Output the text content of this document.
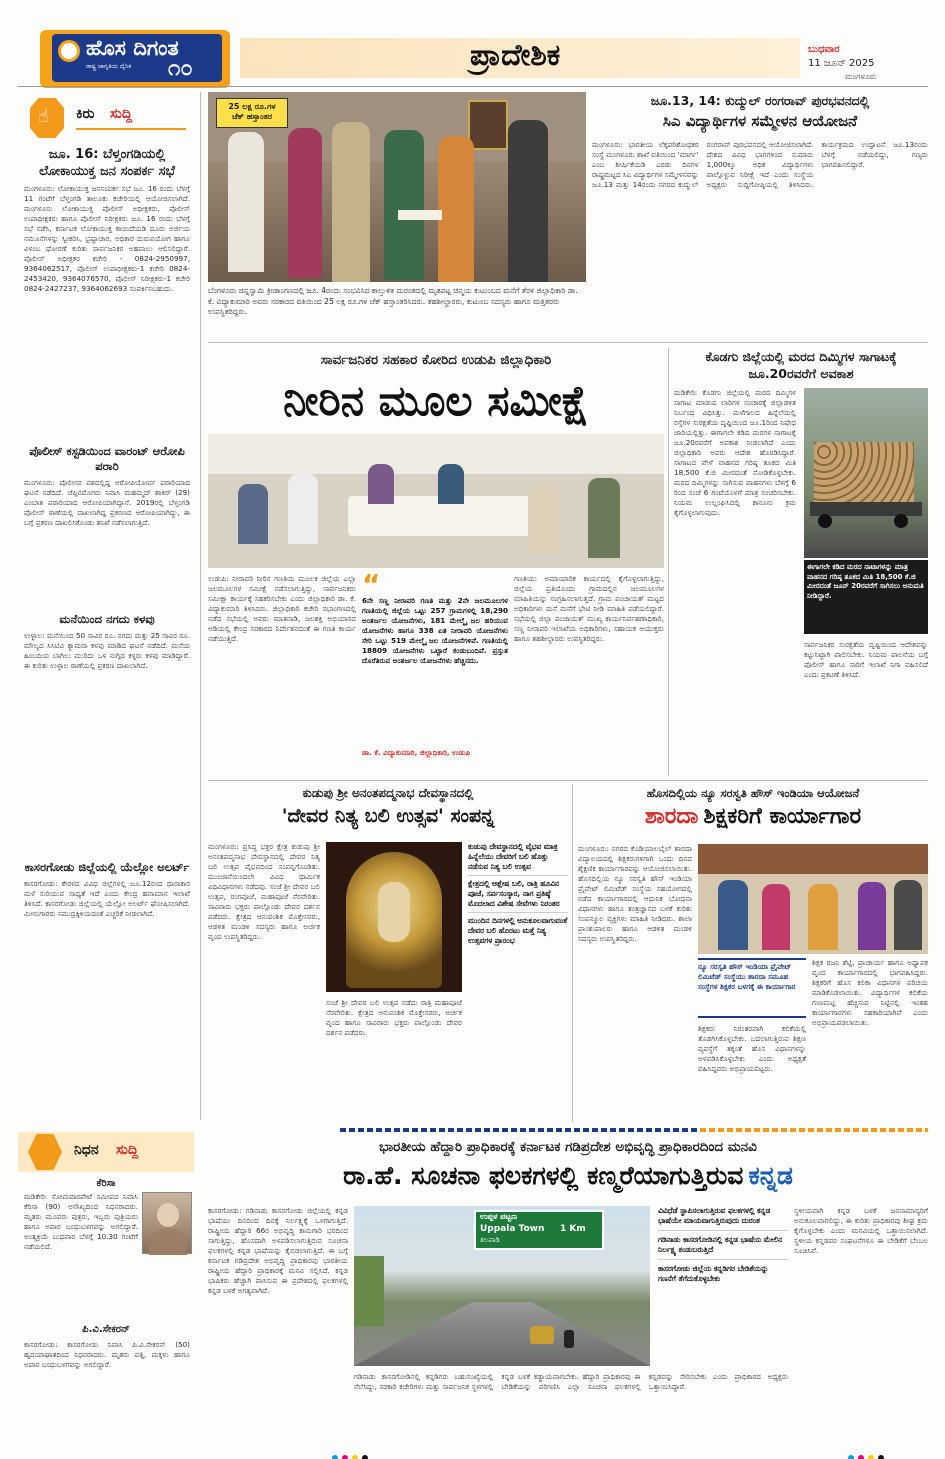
ಹೊಸ ದಿಗಂತ
ರಾಷ್ಟ್ರ ಜಾಗೃತಿಯ ದೈನಿಕ ೧೦	ಪ್ರಾದೇಶಿಕ	ಬುಧವಾರ
11 ಜೂನ್ 2025
ಮಂಗಳೂರು
☝ ಕಿರು ಸುದ್ದಿ
ಜೂ. 16: ಬೆಳ್ತಂಗಡಿಯಲ್ಲಿ ಲೋಕಾಯುಕ್ತ ಜನ ಸಂಪರ್ಕ ಸಭೆ
ಮಂಗಳೂರು: ಲೋಕಾಯುಕ್ತ ಜನಸಂಪರ್ಕ ಸಭೆ ಜೂ. 16 ರಂದು ಬೆಳಗ್ಗೆ 11 ಗಂಟೆಗೆ ಬೆಳ್ತಂಗಡಿ ತಾಲೂಕು ಕಚೇರಿಯಲ್ಲಿ ಆಯೋಜಿಸಲಾಗಿದೆ. ಮಂಗಳೂರು ಲೋಕಾಯುಕ್ತ ಪೊಲೀಸ್ ಅಧೀಕ್ಷಕರು, ಪೊಲೀಸ್ ಉಪಾಧೀಕ್ಷಕರು ಹಾಗೂ ಪೊಲೀಸ್ ನಿರೀಕ್ಷಕರು ಜೂ. 16 ರಂದು ಬೆಳಗ್ಗೆ ಸಭೆ ನಡೆಸಿ, ಕರ್ನಾಟಕ ಲೋಕಾಯುಕ್ತ ಕಾಯಿದೆಯಡಿ ದೂರು ಅರ್ಜಿಯ ನಮೂನೆಗಳನ್ನು ಸ್ವೀಕರಿಸಿ, ಭ್ರಷ್ಟಾಚಾರ, ಅಧಿಕಾರ ದುರುಪಯೋಗ ಹಾಗೂ ವಿಳಂಬ ಧೋರಣೆ ಕುರಿತು ಸಾರ್ವಜನಿಕರ ಅಹವಾಲು ಆಲಿಸಲಿದ್ದಾರೆ. ಪೊಲೀಸ್ ಅಧೀಕ್ಷಕರ ಕಚೇರಿ - 0824-2950997, 9364062517, ಪೊಲೀಸ್ ಉಪಾಧೀಕ್ಷಕರು-1 ಕಚೇರಿ 0824-2453420, 9364076570, ಪೊಲೀಸ್ ನಿರೀಕ್ಷಕರು-1 ಕಚೇರಿ 0824-2427237, 9364062693 ಸಂಪರ್ಕಿಸಬಹುದು.
ಪೊಲೀಸ್ ಕಸ್ಟಡಿಯಿಂದ ವಾರಂಟ್ ಆರೋಪಿ ಪರಾರಿ
ಮಂಗಳೂರು: ಪೊಲೀಸರ ವಶದಲ್ಲಿದ್ದ ಆರೋಪಿಯೋರ್ವ ಪರಾರಿಯಾದ ಘಟನೆ ನಡೆದಿದೆ. ಜೆಪ್ಪಿನಮೊಗರು ನಿವಾಸಿ ಮಹಮ್ಮದ್ ಶಾಕಿರ್ (29) ಎಂಬಾತ ಪರಾರಿಯಾದ ಆರೋಪಿಯಾಗಿದ್ದಾನೆ. 2019ರಲ್ಲಿ ಬೆಳ್ತಂಗಡಿ ಪೊಲೀಸ್ ಠಾಣೆಯಲ್ಲಿ ದಾಖಲಾಗಿದ್ದ ಪ್ರಕರಣದ ಆರೋಪಿಯಾಗಿದ್ದು, ಈ ಬಗ್ಗೆ ಪ್ರಕರಣ ದಾಖಲಿಸಿಕೊಂಡು ತನಿಖೆ ನಡೆಸಲಾಗುತ್ತಿದೆ.
ಮನೆಯಿಂದ ನಗದು ಕಳವು
ಉಳ್ಳಾಲ: ಮನೆಯಿಂದ 50 ಸಾವಿರ ರೂ. ನಗದು ಮತ್ತು 25 ಸಾವಿರ ರೂ. ಮೌಲ್ಯದ ಸಿಸಿಟಿವಿ ಕ್ಯಾಮರಾ ಕಳವು ಮಾಡಿದ ಘಟನೆ ನಡೆದಿದೆ. ಮನೆಯ ಹಿಂಬದಿಯ ಬಾಗಿಲು ಮುರಿದು ಒಳ ನುಗ್ಗಿದ ಕಳ್ಳರು ಕಳವು ಮಾಡಿದ್ದಾರೆ. ಈ ಕುರಿತು ಉಳ್ಳಾಲ ಠಾಣೆಯಲ್ಲಿ ಪ್ರಕರಣ ದಾಖಲಾಗಿದೆ.
ಕಾಸರಗೋಡು ಜಿಲ್ಲೆಯಲ್ಲಿ ಯೆಲ್ಲೋ ಅಲರ್ಟ್
ಕಾಸರಗೋಡು: ಕೇರಳದ ವಿವಿಧ ಜಿಲ್ಲೆಗಳಲ್ಲಿ ಜೂ.12ರಂದ ಧಾರಾಕಾರ ಮಳೆ ಸುರಿಯುವ ಸಾಧ್ಯತೆ ಇದೆ ಎಂದು ಕೇಂದ್ರ ಹವಾಮಾನ ಇಲಾಖೆ ತಿಳಿಸಿದೆ. ಕಾಸರಗೋಡು ಜಿಲ್ಲೆಯಲ್ಲಿ ಯೆಲ್ಲೋ ಅಲರ್ಟ್ ಘೋಷಿಸಲಾಗಿದೆ. ಮೀನುಗಾರರು ಸಮುದ್ರಕ್ಕಿಳಿಯದಂತೆ ಎಚ್ಚರಿಕೆ ನೀಡಲಾಗಿದೆ.
ನಿಧನ ಸುದ್ದಿ
ಕೆರಿಸಾ
ಮಡಿಕೇರಿ: ಸೋಮವಾರಪೇಟೆ ಸಮೀಪದ ನಿವಾಸಿ ಕೆರಿಸಾ (90) ಅಸೌಖ್ಯದಿಂದ ನಿಧನರಾದರು. ಮೃತರು ಮೂವರು ಪುತ್ರರು, ಇಬ್ಬರು ಪುತ್ರಿಯರು ಹಾಗೂ ಅಪಾರ ಬಂಧುಬಳಗವನ್ನು ಅಗಲಿದ್ದಾರೆ. ಅಂತ್ಯಕ್ರಿಯೆ ಬುಧವಾರ ಬೆಳಗ್ಗೆ 10.30 ಗಂಟೆಗೆ ನಡೆಯಲಿದೆ.
ಪಿ.ವಿ.ಸೇಕರನ್
ಕಾಸರಗೋಡು: ಕಾಸರಗೋಡು ನಿವಾಸಿ ಪಿ.ವಿ.ಸೇಕರನ್ (50) ಹೃದಯಾಘಾತದಿಂದ ನಿಧನರಾದರು. ಮೃತರು ಪತ್ನಿ, ಮಕ್ಕಳು ಹಾಗೂ ಅಪಾರ ಬಂಧುಬಳಗವನ್ನು ಅಗಲಿದ್ದಾರೆ.
25 ಲಕ್ಷ ರೂ.ಗಳ
ಚೆಕ್ ಹಸ್ತಾಂತರ
ಬೆಂಗಳೂರು ಚಿನ್ನಸ್ವಾಮಿ ಕ್ರೀಡಾಂಗಣದಲ್ಲಿ ಜೂ. 4ರಂದು ಸಂಭವಿಸಿದ ಕಾಲ್ತುಳಿತ ದುರಂತದಲ್ಲಿ ಮೃತಪಟ್ಟ ಚಿನ್ಮಯ ಕುಟುಂಬದ ಮನೆಗೆ ತೆರಳಿ ಜಿಲ್ಲಾಧಿಕಾರಿ ಡಾ. ಕೆ. ವಿದ್ಯಾಕುಮಾರಿ ಅವರು ಸರಕಾರದ ವತಿಯಿಂದ 25 ಲಕ್ಷ ರೂ.ಗಳ ಚೆಕ್ ಹಸ್ತಾಂತರಿಸಿದರು. ತಹಶೀಲ್ದಾರರು, ಕುಟುಂಬ ಸದಸ್ಯರು ಹಾಗೂ ಮತ್ತಿತರರು ಉಪಸ್ಥಿತರಿದ್ದರು.
ಜೂ.13, 14: ಕುದ್ಮುಲ್ ರಂಗರಾವ್ ಪುರಭವನದಲ್ಲಿ
ಸಿಎ ವಿದ್ಯಾರ್ಥಿಗಳ ಸಮ್ಮೇಳನ ಆಯೋಜನೆ
ಮಂಗಳೂರು: ಭಾರತೀಯ ಲೆಕ್ಕಪರಿಶೋಧಕರ ಸಂಸ್ಥೆ ಮಂಗಳೂರು ಶಾಖೆ ವತಿಯಿಂದ 'ಮಾರ್ಗ' ಎಂಬ ಶೀರ್ಷಿಕೆಯಡಿ ಎರಡು ದಿನಗಳ ರಾಷ್ಟ್ರಮಟ್ಟದ ಸಿಎ ವಿದ್ಯಾರ್ಥಿಗಳ ಸಮ್ಮೇಳನವನ್ನು ಜೂ.13 ಮತ್ತು 14ರಂದು ನಗರದ ಕುದ್ಮುಲ್ ರಂಗರಾವ್ ಪುರಭವನದಲ್ಲಿ ಆಯೋಜಿಸಲಾಗಿದೆ. ದೇಶದ ವಿವಿಧ ಭಾಗಗಳಿಂದ ಸುಮಾರು 1,000ಕ್ಕೂ ಅಧಿಕ ವಿದ್ಯಾರ್ಥಿಗಳು ಪಾಲ್ಗೊಳ್ಳುವ ನಿರೀಕ್ಷೆ ಇದೆ ಎಂದು ಸಂಸ್ಥೆಯ ಅಧ್ಯಕ್ಷರು ಸುದ್ದಿಗೋಷ್ಠಿಯಲ್ಲಿ ತಿಳಿಸಿದರು. ಕಾರ್ಯಕ್ರಮದ ಉದ್ಘಾಟನೆ ಜೂ.13ರಂದು ಬೆಳಗ್ಗೆ ನಡೆಯಲಿದ್ದು, ಗಣ್ಯರು ಭಾಗವಹಿಸಲಿದ್ದಾರೆ.
ಸಾರ್ವಜನಿಕರ ಸಹಕಾರ ಕೋರಿದ ಉಡುಪಿ ಜಿಲ್ಲಾಧಿಕಾರಿ
ನೀರಿನ ಮೂಲ ಸಮೀಕ್ಷೆ
ಉಡುಪಿ: ನೀರಾವರಿ ನೀರಿನ ಗಣತಿಯ ಮೂಲಕ ಜಿಲ್ಲೆಯ ಎಲ್ಲಾ ಜಲಮೂಲಗಳ ಸಮೀಕ್ಷೆ ನಡೆಸಲಾಗುತ್ತಿದ್ದು, ಸಾರ್ವಜನಿಕರು ಸಮೀಕ್ಷಾ ಕಾರ್ಯಕ್ಕೆ ಸಹಕರಿಸಬೇಕು ಎಂದು ಜಿಲ್ಲಾಧಿಕಾರಿ ಡಾ. ಕೆ. ವಿದ್ಯಾಕುಮಾರಿ ತಿಳಿಸಿದರು. ಜಿಲ್ಲಾಧಿಕಾರಿ ಕಚೇರಿ ಸಭಾಂಗಣದಲ್ಲಿ ನಡೆದ ಸಭೆಯಲ್ಲಿ ಅವರು ಮಾತನಾಡಿ, ಜಲಶಕ್ತಿ ಅಭಿಯಾನದ ಅಡಿಯಲ್ಲಿ ಕೇಂದ್ರ ಸರಕಾರದ ನಿರ್ದೇಶನದಂತೆ ಈ ಗಣತಿ ಕಾರ್ಯ ನಡೆಯುತ್ತಿದೆ.
“
6ನೇ ಸಣ್ಣ ನೀರಾವರಿ ಗಣತಿ ಮತ್ತು 2ನೇ ಜಲಮೂಲಗಳ ಗಣತಿಯಲ್ಲಿ ಜಿಲ್ಲೆಯ ಒಟ್ಟು 257 ಗ್ರಾಮಗಳಲ್ಲಿ 18,290 ಅಂತರ್ಜಲ ಯೋಜನೆಗಳು, 181 ಮೇಲ್ಮೈ ಜಲ ಹರಿಯುವ ಯೋಜನೆಗಳು ಹಾಗೂ 338 ಏತ ನೀರಾವರಿ ಯೋಜನೆಗಳು ಸೇರಿ ಒಟ್ಟು 519 ಮೇಲ್ಮೈ ಜಲ ಯೋಜನೆಗಳಿವೆ. ಗಣತಿಯಲ್ಲಿ 18809 ಯೋಜನೆಗಳು ಒಟ್ಟಾರೆ ಕಂಡುಬಂದಿವೆ. ಪ್ರಸ್ತುತ ದೊರೆತಿರುವ ಅಂತರ್ಜಲ ಯೋಜನೆಗಳು ಹೆಚ್ಚಿನದು.
ಡಾ. ಕೆ. ವಿದ್ಯಾಕುಮಾರಿ, ಜಿಲ್ಲಾಧಿಕಾರಿ, ಉಡುಪಿ
ಗಣತಿಯು ಅಮಾಯಾರಿಕ ಕಾರ್ಯದಲ್ಲಿ ಕೈಗೊಳ್ಳಲಾಗುತ್ತಿದ್ದು, ಜಿಲ್ಲೆಯ ಪ್ರತಿಯೊಂದು ಗ್ರಾಮದಲ್ಲಿನ ಜಲಮೂಲಗಳ ಮಾಹಿತಿಯನ್ನು ಸಂಗ್ರಹಿಸಲಾಗುತ್ತದೆ. ಗ್ರಾಮ ಪಂಚಾಯತ್ ಮಟ್ಟದ ಅಧಿಕಾರಿಗಳು ಮನೆ ಮನೆಗೆ ಭೇಟಿ ನೀಡಿ ಮಾಹಿತಿ ಪಡೆಯಲಿದ್ದಾರೆ. ಸಭೆಯಲ್ಲಿ ಜಿಲ್ಲಾ ಪಂಚಾಯತ್ ಮುಖ್ಯ ಕಾರ್ಯನಿರ್ವಹಣಾಧಿಕಾರಿ, ಸಣ್ಣ ನೀರಾವರಿ ಇಲಾಖೆಯ ಅಧಿಕಾರಿಗಳು, ಸಹಾಯಕ ಆಯುಕ್ತರು ಹಾಗೂ ತಹಶೀಲ್ದಾರರು ಉಪಸ್ಥಿತರಿದ್ದರು.
ಕೊಡಗು ಜಿಲ್ಲೆಯಲ್ಲಿ ಮರದ ದಿಮ್ಮಿಗಳ ಸಾಗಾಟಕ್ಕೆ ಜೂ.20ರವರೆಗೆ ಅವಕಾಶ
ಮಡಿಕೇರಿ: ಕೊಡಗು ಜಿಲ್ಲೆಯಲ್ಲಿ ಮರದ ದಿಮ್ಮಿಗಳ ಸಾಗಾಟ ಮಾಡುವ ಲಾರಿಗಳ ಸಂಚಾರಕ್ಕೆ ಜಿಲ್ಲಾಡಳಿತ ನಿರ್ಬಂಧ ವಿಧಿಸಿತ್ತು. ಮಳೆಗಾಲದ ಹಿನ್ನೆಲೆಯಲ್ಲಿ ರಸ್ತೆಗಳ ಸುರಕ್ಷತೆಯ ದೃಷ್ಟಿಯಿಂದ ಜೂ.1ರಿಂದ ನಿಷೇಧ ಜಾರಿಯಲ್ಲಿತ್ತು. ಈಗಾಗಲೇ ಕಡಿದ ಮರಗಳ ಸಾಗಾಟಕ್ಕೆ ಜೂ.20ರವರೆಗೆ ಅವಕಾಶ ನೀಡಲಾಗಿದೆ ಎಂದು ಜಿಲ್ಲಾಧಿಕಾರಿ ಅವರು ಆದೇಶ ಹೊರಡಿಸಿದ್ದಾರೆ. ಸಾಗಾಟದ ವೇಳೆ ವಾಹನದ ಗರಿಷ್ಠ ತೂಕದ ಮಿತಿ 18,500 ಕೆ.ಜಿ ಮೀರದಂತೆ ನೋಡಿಕೊಳ್ಳಬೇಕು. ಮರದ ದಿಮ್ಮಿಗಳನ್ನು ಸಾಗಿಸುವ ವಾಹನಗಳು ಬೆಳಗ್ಗೆ 6 ರಿಂದ ಸಂಜೆ 6 ಗಂಟೆಯೊಳಗೆ ಮಾತ್ರ ಸಂಚರಿಸಬೇಕು. ನಿಯಮ ಉಲ್ಲಂಘಿಸಿದಲ್ಲಿ ಕಾನೂನು ಕ್ರಮ ಕೈಗೊಳ್ಳಲಾಗುವುದು.
ಈಗಾಗಲೇ ಕಡಿದ ಮರದ ನಾಟಾಗಳನ್ನು ಮಾತ್ರ ವಾಹನದ ಗರಿಷ್ಠ ತೂಕದ ಮಿತಿ 18,500 ಕೆ.ಜಿ ಮೀರದಂತೆ ಜೂನ್ 20ರವರೆಗೆ ಸಾಗಿಸಲು ಅನುಮತಿ ನೀಡಿದ್ದಾರೆ.
ಸಾರ್ವಜನಿಕರ ಸುರಕ್ಷತೆಯ ದೃಷ್ಟಿಯಿಂದ ಆದೇಶವನ್ನು ಕಟ್ಟುನಿಟ್ಟಾಗಿ ಪಾಲಿಸಬೇಕು. ನಿಯಮ ಪಾಲನೆಯ ಬಗ್ಗೆ ಪೊಲೀಸ್ ಹಾಗೂ ಸಾರಿಗೆ ಇಲಾಖೆ ನಿಗಾ ವಹಿಸಲಿದೆ ಎಂದು ಪ್ರಕಟಣೆ ತಿಳಿಸಿದೆ.
ಕುಡುಪು ಶ್ರೀ ಅನಂತಪದ್ಮನಾಭ ದೇವಸ್ಥಾನದಲ್ಲಿ
'ದೇವರ ನಿತ್ಯ ಬಲಿ ಉತ್ಸವ' ಸಂಪನ್ನ
ಮಂಗಳೂರು: ಪ್ರಸಿದ್ಧ ಭಕ್ತರ ಕ್ಷೇತ್ರ ಕುಡುಪು ಶ್ರೀ ಅನಂತಪದ್ಮನಾಭ ದೇವಸ್ಥಾನದಲ್ಲಿ ದೇವರ ನಿತ್ಯ ಬಲಿ ಉತ್ಸವ ವೈಭವದಿಂದ ಸಂಪನ್ನಗೊಂಡಿತು. ಮುಂಜಾನೆಯಿಂದಲೇ ವಿವಿಧ ಧಾರ್ಮಿಕ ವಿಧಿವಿಧಾನಗಳು ನಡೆದವು. ಸಂಜೆ ಶ್ರೀ ದೇವರ ಬಲಿ ಉತ್ಸವ, ರಂಗಪೂಜೆ, ಮಹಾಪೂಜೆ ನೆರವೇರಿತು. ಸಾವಿರಾರು ಭಕ್ತರು ಪಾಲ್ಗೊಂಡು ದೇವರ ದರ್ಶನ ಪಡೆದರು. ಕ್ಷೇತ್ರದ ಆನುವಂಶಿಕ ಮೊಕ್ತೇಸರರು, ಆಡಳಿತ ಮಂಡಳಿ ಸದಸ್ಯರು ಹಾಗೂ ಅರ್ಚಕ ವೃಂದ ಉಪಸ್ಥಿತರಿದ್ದರು.
ಸಂಜೆ ಶ್ರೀ ದೇವರ ಬಲಿ ಉತ್ಸವ ನಡೆದು ರಾತ್ರಿ ಮಹಾಪೂಜೆ ನೆರವೇರಿತು. ಕ್ಷೇತ್ರದ ಆನುವಂಶಿಕ ಮೊಕ್ತೇಸರರು, ಅರ್ಚಕ ವೃಂದ ಹಾಗೂ ಸಾವಿರಾರು ಭಕ್ತರು ಪಾಲ್ಗೊಂಡು ದೇವರ ದರ್ಶನ ಪಡೆದರು.
ಕುಡುಪು ದೇವಸ್ಥಾನದಲ್ಲಿ ವೈಭವ ಮಾತ್ರ ಹಿನ್ನೆಲೆಯು ದೇವರಿಗೆ ಬಲಿ ಹೊತ್ತು ನಡೆಸುವ ನಿತ್ಯ ಬಲಿ ಉತ್ಸವ
ಕ್ಷೇತ್ರದಲ್ಲಿ ಆಶ್ಲೇಷ ಬಲಿ, ರಾತ್ರಿ ಹೂವಿನ ಪೂಜೆ, ಸರ್ಪಸಂಸ್ಕಾರ, ನಾಗ ಪ್ರತಿಷ್ಠೆ ಮೊದಲಾದ ವಿಶೇಷ ಸೇವೆಗಳು ನಿರಂತರ
ಮುಂದಿನ ದಿನಗಳಲ್ಲಿ ಅನುಕೂಲವಾಗುವಂತೆ ದೇವರ ಬಲಿ ಹೊರಟು ಮತ್ತೆ ನಿತ್ಯ ಉತ್ಸವಗಳ ಪ್ರಾರಂಭ
ಹೊಸದಿಲ್ಲಿಯ ನ್ಯೂ ಸರಸ್ವತಿ ಹೌಸ್ ಇಂಡಿಯಾ ಆಯೋಜನೆ
ಶಾರದಾ ಶಿಕ್ಷಕರಿಗೆ ಕಾರ್ಯಾಗಾರ
ಮಂಗಳೂರು: ನಗರದ ಕೊಡಿಯಾಲಬೈಲ್ ಶಾರದಾ ವಿದ್ಯಾಲಯದಲ್ಲಿ ಶಿಕ್ಷಕರುಗಳಿಗಾಗಿ ಒಂದು ದಿನದ ಶೈಕ್ಷಣಿಕ ಕಾರ್ಯಾಗಾರವನ್ನು ಆಯೋಜಿಸಲಾಯಿತು. ಹೊಸದಿಲ್ಲಿಯ ನ್ಯೂ ಸರಸ್ವತಿ ಹೌಸ್ ಇಂಡಿಯಾ ಪ್ರೈವೇಟ್ ಲಿಮಿಟೆಡ್ ಸಂಸ್ಥೆಯ ಸಹಯೋಗದಲ್ಲಿ ನಡೆದ ಕಾರ್ಯಾಗಾರದಲ್ಲಿ ಆಧುನಿಕ ಬೋಧನಾ ವಿಧಾನಗಳು ಹಾಗೂ ತಂತ್ರಜ್ಞಾನದ ಬಳಕೆ ಕುರಿತು ಸಂಪನ್ಮೂಲ ವ್ಯಕ್ತಿಗಳು ಮಾಹಿತಿ ನೀಡಿದರು. ಶಾಲಾ ಪ್ರಾಂಶುಪಾಲರು ಹಾಗೂ ಆಡಳಿತ ಮಂಡಳಿ ಸದಸ್ಯರು ಉಪಸ್ಥಿತರಿದ್ದರು.
ನ್ಯೂ ಸರಸ್ವತಿ ಹೌಸ್ ಇಂಡಿಯಾ ಪ್ರೈವೇಟ್ ಲಿಮಿಟೆಡ್ ಸಂಸ್ಥೆಯು ಶಾರದಾ ಸಮೂಹ ಸಂಸ್ಥೆಗಳ ಶಿಕ್ಷಕರ ಬಳಗಕ್ಕೆ ಈ ಕಾರ್ಯಾಗಾರ
ಶಿಕ್ಷಕರು ನಿರಂತರವಾಗಿ ಕಲಿಕೆಯಲ್ಲಿ ತೊಡಗಿಸಿಕೊಳ್ಳಬೇಕು. ಬದಲಾಗುತ್ತಿರುವ ಶಿಕ್ಷಣ ವ್ಯವಸ್ಥೆಗೆ ತಕ್ಕಂತೆ ಹೊಸ ವಿಧಾನಗಳನ್ನು ಅಳವಡಿಸಿಕೊಳ್ಳಬೇಕು ಎಂದು ಅಧ್ಯಕ್ಷತೆ ವಹಿಸಿದ್ದವರು ಅಭಿಪ್ರಾಯಪಟ್ಟರು.
ಶಿಕ್ಷಕ ರಜನಿ ಶೆಟ್ಟಿ, ಪ್ರಾಚಾರ್ಯ ಹಾಗೂ ಅಧ್ಯಾಪಕ ವೃಂದ ಕಾರ್ಯಾಗಾರದಲ್ಲಿ ಭಾಗವಹಿಸಿದ್ದರು. ಶಿಕ್ಷಕರಿಗೆ ಹೊಸ ಕಲಿಕಾ ವಿಧಾನಗಳ ಪರಿಚಯ ಮಾಡಿಕೊಡಲಾಯಿತು. ವಿದ್ಯಾರ್ಥಿಗಳ ಕಲಿಕೆಯ ಗುಣಮಟ್ಟ ಹೆಚ್ಚಿಸುವ ನಿಟ್ಟಿನಲ್ಲಿ ಇಂತಹ ಕಾರ್ಯಾಗಾರಗಳು ಸಹಕಾರಿಯಾಗಿವೆ ಎಂದು ಅಭಿಪ್ರಾಯಪಡಲಾಯಿತು.
ಭಾರತೀಯ ಹೆದ್ದಾರಿ ಪ್ರಾಧಿಕಾರಕ್ಕೆ ಕರ್ನಾಟಕ ಗಡಿಪ್ರದೇಶ ಅಭಿವೃದ್ಧಿ ಪ್ರಾಧಿಕಾರದಿಂದ ಮನವಿ
ರಾ.ಹೆ. ಸೂಚನಾ ಫಲಕಗಳಲ್ಲಿ ಕಣ್ಮರೆಯಾಗುತ್ತಿರುವ ಕನ್ನಡ
ಕಾಸರಗೋಡು: ಗಡಿನಾಡು ಕಾಸರಗೋಡು ಜಿಲ್ಲೆಯಲ್ಲಿ ಕನ್ನಡ ಭಾಷೆಯು ದಿನದಿಂದ ದಿನಕ್ಕೆ ನಿರ್ಲಕ್ಷ್ಯಕ್ಕೆ ಒಳಗಾಗುತ್ತಿದೆ. ರಾಷ್ಟ್ರೀಯ ಹೆದ್ದಾರಿ 66ರ ಅಭಿವೃದ್ಧಿ ಕಾಮಗಾರಿ ಭರದಿಂದ ಸಾಗುತ್ತಿದ್ದು, ಹೊಸದಾಗಿ ಅಳವಡಿಸಲಾಗುತ್ತಿರುವ ಸೂಚನಾ ಫಲಕಗಳಲ್ಲಿ ಕನ್ನಡ ಭಾಷೆಯನ್ನು ಕೈಬಿಡಲಾಗುತ್ತಿದೆ. ಈ ಬಗ್ಗೆ ಕರ್ನಾಟಕ ಗಡಿಪ್ರದೇಶ ಅಭಿವೃದ್ಧಿ ಪ್ರಾಧಿಕಾರವು ಭಾರತೀಯ ರಾಷ್ಟ್ರೀಯ ಹೆದ್ದಾರಿ ಪ್ರಾಧಿಕಾರಕ್ಕೆ ಮನವಿ ಸಲ್ಲಿಸಿದೆ. ಕನ್ನಡ ಭಾಷಿಕರು ಹೆಚ್ಚಾಗಿ ವಾಸಿಸುವ ಈ ಪ್ರದೇಶದಲ್ಲಿ ಫಲಕಗಳಲ್ಲಿ ಕನ್ನಡ ಬಳಕೆ ಅಗತ್ಯವಾಗಿದೆ.
ಉಪ್ಪಳ ಪಟ್ಟಣ
Uppala Town 1 Km
ತಲಪಾಡಿ
ವಿವಿಧೆಡೆ ಸ್ಥಾಪಿಸಲಾಗುತ್ತಿರುವ ಫಲಕಗಳಲ್ಲಿ ಕನ್ನಡ ಭಾಷೆಯೇ ಮಾಯವಾಗುತ್ತಿರುವುದು ದುರಂತ
ಗಡಿನಾಡು ಕಾಸರಗೋಡಿನಲ್ಲಿ ಕನ್ನಡ ಭಾಷೆಯ ಮೇಲಿನ ನಿರ್ಲಕ್ಷ್ಯ ಕಂಡುಬರುತ್ತಿದೆ
ಕಾಸರಗೋಡು ಜಿಲ್ಲೆಯ ಕನ್ನಡಿಗರ ಬೇಡಿಕೆಯನ್ನು ಗಣನೆಗೆ ತೆಗೆದುಕೊಳ್ಳಬೇಕು
ಸ್ಥಳೀಯವಾಗಿ ಕನ್ನಡ ಬಳಕೆ ಜನಸಾಮಾನ್ಯರಿಗೆ ಅನುಕೂಲವಾಗಲಿದ್ದು, ಈ ಕುರಿತು ಪ್ರಾಧಿಕಾರವು ಶೀಘ್ರ ಕ್ರಮ ಕೈಗೊಳ್ಳಬೇಕು ಎಂದು ಮನವಿಯಲ್ಲಿ ಒತ್ತಾಯಿಸಲಾಗಿದೆ. ಸ್ಥಳೀಯ ಕನ್ನಡಪರ ಸಂಘಟನೆಗಳೂ ಈ ಬೇಡಿಕೆಗೆ ಬೆಂಬಲ ಸೂಚಿಸಿವೆ.
ಗಡಿನಾಡು ಕಾಸರಗೋಡಿನಲ್ಲಿ ಕನ್ನಡಿಗರು ಬಹುಸಂಖ್ಯೆಯಲ್ಲಿ ನೆಲೆಸಿದ್ದು, ಸರಕಾರಿ ಕಚೇರಿಗಳು ಮತ್ತು ಸಾರ್ವಜನಿಕ ಸ್ಥಳಗಳಲ್ಲಿ ಕನ್ನಡ ಬಳಕೆ ಕಡ್ಡಾಯವಾಗಬೇಕು. ಹೆದ್ದಾರಿ ಪ್ರಾಧಿಕಾರವು ಈ ಬೇಡಿಕೆಯನ್ನು ಪರಿಗಣಿಸಿ ಎಲ್ಲಾ ಸೂಚನಾ ಫಲಕಗಳಲ್ಲಿ ಕನ್ನಡವನ್ನು ಸೇರಿಸಬೇಕು ಎಂದು ಪ್ರಾಧಿಕಾರದ ಅಧ್ಯಕ್ಷರು ಒತ್ತಾಯಿಸಿದ್ದಾರೆ.
